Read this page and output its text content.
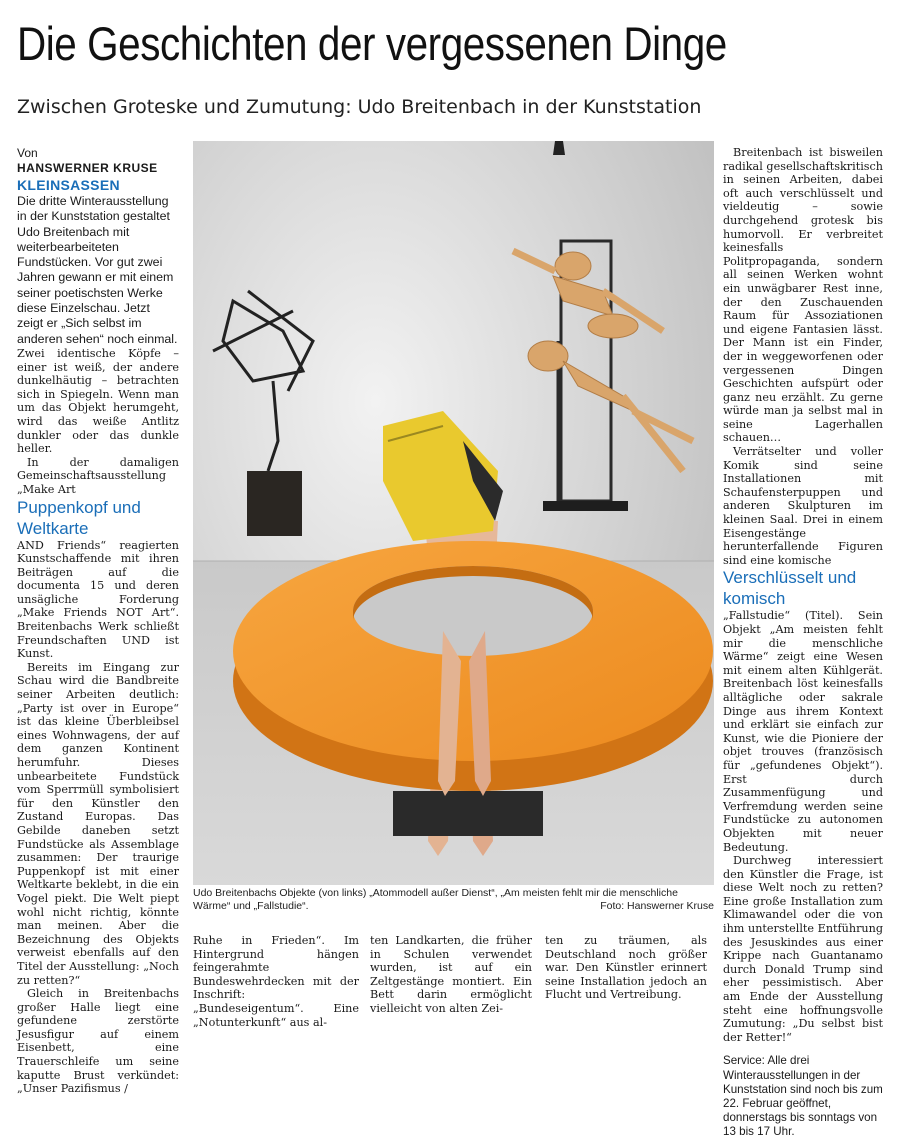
Die Geschichten der vergessenen Dinge
Zwischen Groteske und Zumutung: Udo Breitenbach in der Kunststation

Von

HANSWERNER KRUSE

KLEINSASSEN

Die dritte Winterausstellung in der Kunststation gestaltet Udo Breitenbach mit weiterbearbeiteten Fundstücken. Vor gut zwei Jahren gewann er mit einem seiner poetischsten Werke diese Einzelschau. Jetzt zeigt er „Sich selbst im anderen sehen“ noch einmal.

Zwei identische Köpfe – einer ist weiß, der andere dunkelhäutig – betrachten sich in Spiegeln. Wenn man um das Objekt herumgeht, wird das weiße Antlitz dunkler oder das dunkle heller.

In der damaligen Gemeinschaftsausstellung „Make Art

Puppenkopf und Weltkarte

AND Friends“ reagierten Kunstschaffende mit ihren Beiträgen auf die documenta 15 und deren unsägliche Forderung „Make Friends NOT Art“. Breitenbachs Werk schließt Freundschaften UND ist Kunst.

Bereits im Eingang zur Schau wird die Bandbreite seiner Arbeiten deutlich: „Party ist over in Europe“ ist das kleine Überbleibsel eines Wohnwagens, der auf dem ganzen Kontinent herumfuhr. Dieses unbearbeitete Fundstück vom Sperrmüll symbolisiert für den Künstler den Zustand Europas. Das Gebilde daneben setzt Fundstücke als Assemblage zusammen: Der traurige Puppenkopf ist mit einer Weltkarte beklebt, in die ein Vogel piekt. Die Welt piept wohl nicht richtig, könnte man meinen. Aber die Bezeichnung des Objekts verweist ebenfalls auf den Titel der Ausstellung: „Noch zu retten?“

Gleich in Breitenbachs großer Halle liegt eine gefundene zerstörte Jesusfigur auf einem Eisenbett, eine Trauerschleife um seine kaputte Brust verkündet: „Unser Pazifismus /

Udo Breitenbachs Objekte (von links) „Atommodell außer Dienst“, „Am meisten fehlt mir die menschliche Wärme“ und „Fallstudie“.	Foto: Hanswerner Kruse

Ruhe in Frieden“. Im Hintergrund hängen feingerahmte Bundeswehrdecken mit der Inschrift: „Bundeseigentum“. Eine „Notunterkunft“ aus al-

ten Landkarten, die früher in Schulen verwendet wurden, ist auf ein Zeltgestänge montiert. Ein Bett darin ermöglicht vielleicht von alten Zei-

ten zu träumen, als Deutschland noch größer war. Den Künstler erinnert seine Installation jedoch an Flucht und Vertreibung.

Breitenbach ist bisweilen radikal gesellschaftskritisch in seinen Arbeiten, dabei oft auch verschlüsselt und vieldeutig – sowie durchgehend grotesk bis humorvoll. Er verbreitet keinesfalls Politpropaganda, sondern all seinen Werken wohnt ein unwägbarer Rest inne, der den Zuschauenden Raum für Assoziationen und eigene Fantasien lässt. Der Mann ist ein Finder, der in weggeworfenen oder vergessenen Dingen Geschichten aufspürt oder ganz neu erzählt. Zu gerne würde man ja selbst mal in seine Lagerhallen schauen…

Verrätselter und voller Komik sind seine Installationen mit Schaufensterpuppen und anderen Skulpturen im kleinen Saal. Drei in einem Eisengestänge herunterfallende Figuren sind eine komische

Verschlüsselt und komisch

„Fallstudie“ (Titel). Sein Objekt „Am meisten fehlt mir die menschliche Wärme“ zeigt eine Wesen mit einem alten Kühlgerät. Breitenbach löst keinesfalls alltägliche oder sakrale Dinge aus ihrem Kontext und erklärt sie einfach zur Kunst, wie die Pioniere der objet trouves (französisch für „gefundenes Objekt“). Erst durch Zusammenfügung und Verfremdung werden seine Fundstücke zu autonomen Objekten mit neuer Bedeutung.

Durchweg interessiert den Künstler die Frage, ist diese Welt noch zu retten? Eine große Installation zum Klimawandel oder die von ihm unterstellte Entführung des Jesuskindes aus einer Krippe nach Guantanamo durch Donald Trump sind eher pessimistisch. Aber am Ende der Ausstellung steht eine hoffnungsvolle Zumutung: „Du selbst bist der Retter!“

Service: Alle drei Winterausstellungen in der Kunststation sind noch bis zum 22. Februar geöffnet, donnerstags bis sonntags von 13 bis 17 Uhr.
